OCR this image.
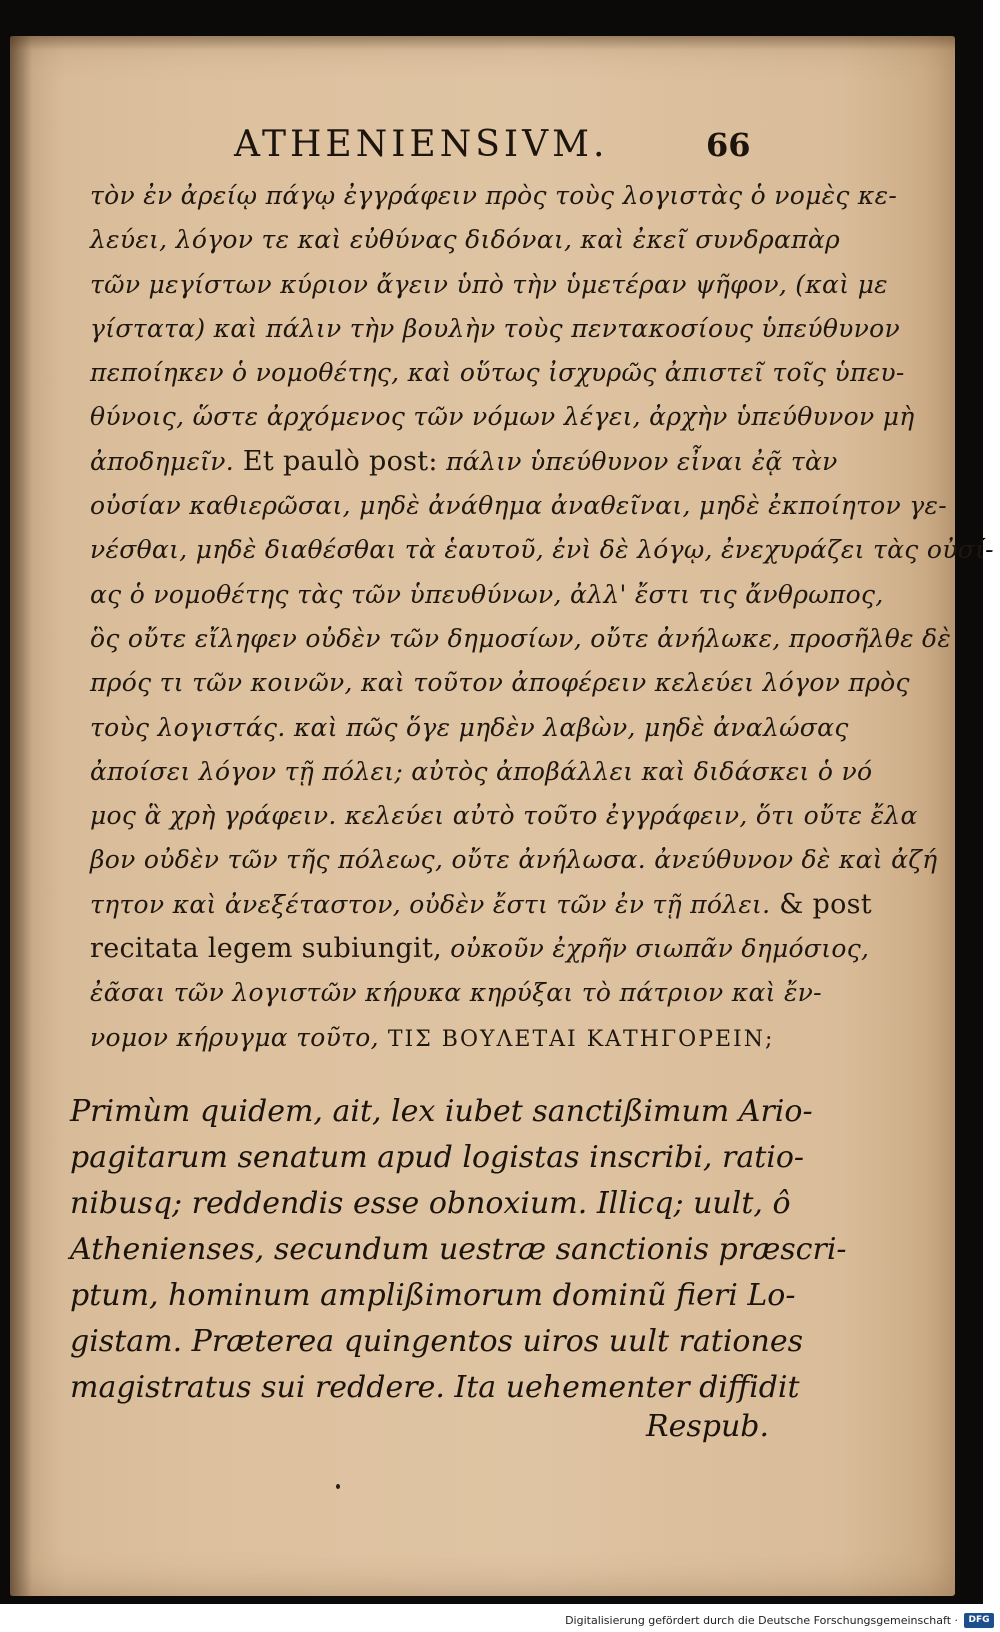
ATHENIENSIVM.	66
τὸν ἐν ἀρείῳ πάγῳ ἐγγράφειν πρὸς τοὺς λογιστὰς ὁ νομὲς κε-
λεύει, λόγον τε καὶ εὐθύνας διδόναι, καὶ ἐκεῖ συνδραπὰρ
τῶν μεγίστων κύριον ἄγειν ὑπὸ τὴν ὑμετέραν ψῆφον, (καὶ με
γίστατα) καὶ πάλιν τὴν βουλὴν τοὺς πεντακοσίους ὑπεύθυνον
πεποίηκεν ὁ νομοθέτης, καὶ οὕτως ἰσχυρῶς ἀπιστεῖ τοῖς ὑπευ-
θύνοις, ὥστε ἀρχόμενος τῶν νόμων λέγει, ἀρχὴν ὑπεύθυνον μὴ
ἀποδημεῖν. Et paulò post: πάλιν ὑπεύθυνον εἶναι ἐᾷ τὰν
οὐσίαν καθιερῶσαι, μηδὲ ἀνάθημα ἀναθεῖναι, μηδὲ ἐκποίητον γε-
νέσθαι, μηδὲ διαθέσθαι τὰ ἑαυτοῦ, ἐνὶ δὲ λόγῳ, ἐνεχυράζει τὰς οὐσί-
ας ὁ νομοθέτης τὰς τῶν ὑπευθύνων, ἀλλ' ἔστι τις ἄνθρωπος,
ὃς οὔτε εἴληφεν οὐδὲν τῶν δημοσίων, οὔτε ἀνήλωκε, προσῆλθε δὲ
πρός τι τῶν κοινῶν, καὶ τοῦτον ἀποφέρειν κελεύει λόγον πρὸς
τοὺς λογιστάς. καὶ πῶς ὅγε μηδὲν λαβὼν, μηδὲ ἀναλώσας
ἀποίσει λόγον τῇ πόλει; αὐτὸς ἀποβάλλει καὶ διδάσκει ὁ νό
μος ἃ χρὴ γράφειν. κελεύει αὐτὸ τοῦτο ἐγγράφειν, ὅτι οὔτε ἔλα
βον οὐδὲν τῶν τῆς πόλεως, οὔτε ἀνήλωσα. ἀνεύθυνον δὲ καὶ ἀζή
τητον καὶ ἀνεξέταστον, οὐδὲν ἔστι τῶν ἐν τῇ πόλει. & post
recitata legem subiungit, οὐκοῦν ἐχρῆν σιωπᾶν δημόσιος,
ἐᾶσαι τῶν λογιστῶν κήρυκα κηρύξαι τὸ πάτριον καὶ ἔν-
νομον κήρυγμα τοῦτο, ΤΙΣ ΒΟΥΛΕΤΑΙ ΚΑΤΗΓΟΡΕΙΝ;
Primùm quidem, ait, lex iubet sanctißimum Ario-
pagitarum senatum apud logistas inscribi, ratio-
nibusq; reddendis esse obnoxium. Illicq; uult, ô
Athenienses, secundum uestræ sanctionis præscri-
ptum, hominum amplißimorum dominũ fieri Lo-
gistam. Præterea quingentos uiros uult rationes
magistratus sui reddere. Ita uehementer diffidit
Respub.
Digitalisierung gefördert durch die Deutsche Forschungsgemeinschaft ·	DFG
